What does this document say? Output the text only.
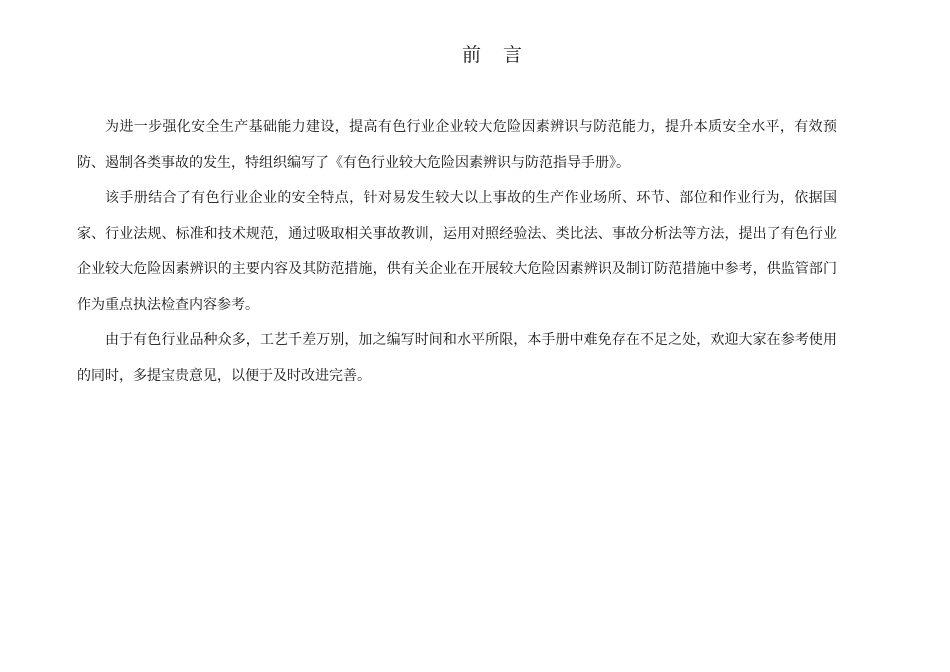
前 言

为进一步强化安全生产基础能力建设，提高有色行业企业较大危险因素辨识与防范能力，提升本质安全水平，有效预防、遏制各类事故的发生，特组织编写了《有色行业较大危险因素辨识与防范指导手册》。

该手册结合了有色行业企业的安全特点，针对易发生较大以上事故的生产作业场所、环节、部位和作业行为，依据国家、行业法规、标准和技术规范，通过吸取相关事故教训，运用对照经验法、类比法、事故分析法等方法，提出了有色行业企业较大危险因素辨识的主要内容及其防范措施，供有关企业在开展较大危险因素辨识及制订防范措施中参考，供监管部门作为重点执法检查内容参考。

由于有色行业品种众多，工艺千差万别，加之编写时间和水平所限，本手册中难免存在不足之处，欢迎大家在参考使用的同时，多提宝贵意见，以便于及时改进完善。
